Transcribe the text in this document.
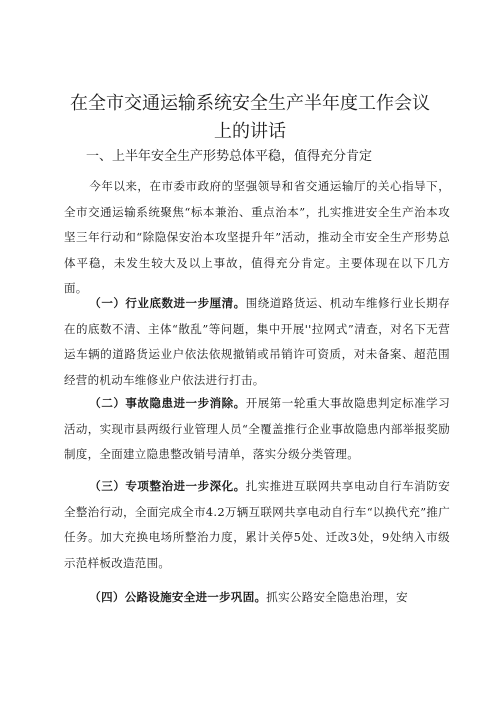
在全市交通运输系统安全生产半年度工作会议
上的讲话
一、上半年安全生产形势总体平稳，值得充分肯定

今年以来，在市委市政府的坚强领导和省交通运输厅的关心指导下，全市交通运输系统聚焦“标本兼治、重点治本”，扎实推进安全生产治本攻坚三年行动和“除隐保安治本攻坚提升年”活动，推动全市安全生产形势总体平稳，未发生较大及以上事故，值得充分肯定。主要体现在以下几方面。

（一）行业底数进一步厘清。围绕道路货运、机动车维修行业长期存在的底数不清、主体“散乱”等问题，集中开展''拉网式”清查，对名下无营运车辆的道路货运业户依法依规撤销或吊销许可资质，对未备案、超范围经营的机动车维修业户依法进行打击。

（二）事故隐患进一步消除。开展第一轮重大事故隐患判定标准学习活动，实现市县两级行业管理人员“全覆盖推行企业事故隐患内部举报奖励制度，全面建立隐患整改销号清单，落实分级分类管理。

（三）专项整治进一步深化。扎实推进互联网共享电动自行车消防安全整治行动，全面完成全市4.2万辆互联网共享电动自行车“以换代充”推广任务。加大充换电场所整治力度，累计关停5处、迁改3处，9处纳入市级示范样板改造范围。

（四）公路设施安全进一步巩固。抓实公路安全隐患治理，安
